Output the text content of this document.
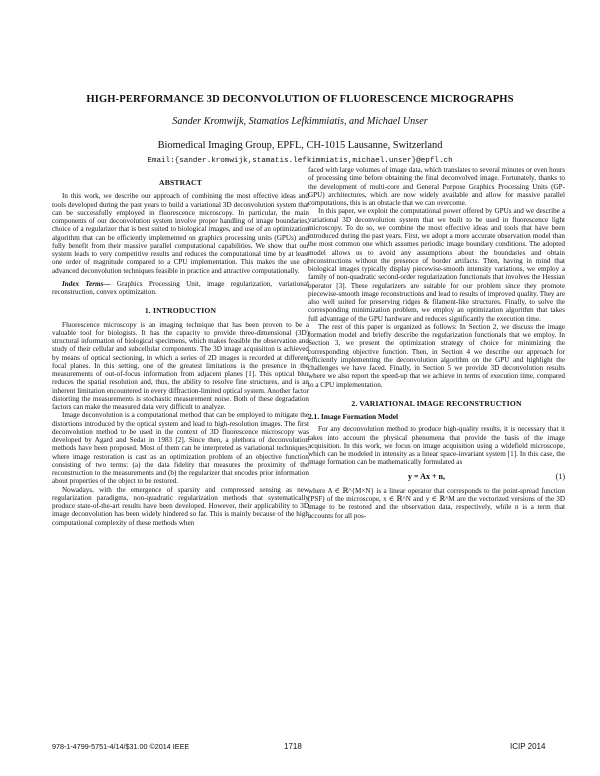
HIGH-PERFORMANCE 3D DECONVOLUTION OF FLUORESCENCE MICROGRAPHS
Sander Kromwijk, Stamatios Lefkimmiatis, and Michael Unser
Biomedical Imaging Group, EPFL, CH-1015 Lausanne, Switzerland
Email:{sander.kromwijk,stamatis.lefkimmiatis,michael.unser}@epfl.ch
ABSTRACT

In this work, we describe our approach of combining the most effective ideas and tools developed during the past years to build a variational 3D deconvolution system that can be successfully employed in fluorescence microscopy. In particular, the main components of our deconvolution system involve proper handling of image boundaries, choice of a regularizer that is best suited to biological images, and use of an optimization algorithm that can be efficiently implemented on graphics processing units (GPUs) and fully benefit from their massive parallel computational capabilities. We show that our system leads to very competitive results and reduces the computational time by at least one order of magnitude compared to a CPU implementation. This makes the use of advanced deconvolution techniques feasible in practice and attractive computationally.

Index Terms— Graphics Processing Unit, image regularization, variational reconstruction, convex optimization.

1. INTRODUCTION

Fluorescence microscopy is an imaging technique that has been proven to be a valuable tool for biologists. It has the capacity to provide three-dimensional (3D) structural information of biological specimens, which makes feasible the observation and study of their cellular and subcellular components. The 3D image acquisition is achieved by means of optical sectioning, in which a series of 2D images is recorded at different focal planes. In this setting, one of the greatest limitations is the presence in the measurements of out-of-focus information from adjacent planes [1]. This optical blur reduces the spatial resolution and, thus, the ability to resolve fine structures, and is an inherent limitation encountered in every diffraction-limited optical system. Another factor distorting the measurements is stochastic measurement noise. Both of these degradation factors can make the measured data very difficult to analyze.

Image deconvolution is a computational method that can be employed to mitigate the distortions introduced by the optical system and lead to high-resolution images. The first deconvolution method to be used in the context of 3D fluorescence microscopy was developed by Agard and Sedat in 1983 [2]. Since then, a plethora of deconvolution methods have been proposed. Most of them can be interpreted as variational techniques, where image restoration is cast as an optimization problem of an objective function consisting of two terms: (a) the data fidelity that measures the proximity of the reconstruction to the measurements and (b) the regularizer that encodes prior information about properties of the object to be restored.

Nowadays, with the emergence of sparsity and compressed sensing as new regularization paradigms, non-quadratic regularization methods that systematically produce state-of-the-art results have been developed. However, their applicability to 3D image deconvolution has been widely hindered so far. This is mainly because of the high computational complexity of these methods when

faced with large volumes of image data, which translates to several minutes or even hours of processing time before obtaining the final deconvolved image. Fortunately, thanks to the development of multi-core and General Purpose Graphics Processing Units (GP-GPU) architectures, which are now widely available and allow for massive parallel computations, this is an obstacle that we can overcome.

In this paper, we exploit the computational power offered by GPUs and we describe a variational 3D deconvolution system that we built to be used in fluorescence light microscopy. To do so, we combine the most effective ideas and tools that have been introduced during the past years. First, we adopt a more accurate observation model than the most common one which assumes periodic image boundary conditions. The adopted model allows us to avoid any assumptions about the boundaries and obtain reconstructions without the presence of border artifacts. Then, having in mind that biological images typically display piecewise-smooth intensity variations, we employ a family of non-quadratic second-order regularization functionals that involves the Hessian operator [3]. These regularizers are suitable for our problem since they promote piecewise-smooth image reconstructions and lead to results of improved quality. They are also well suited for preserving ridges & filament-like structures. Finally, to solve the corresponding minimization problem, we employ an optimization algorithm that takes full advantage of the GPU hardware and reduces significantly the execution time.

The rest of this paper is organized as follows: In Section 2, we discuss the image formation model and briefly describe the regularization functionals that we employ. In Section 3, we present the optimization strategy of choice for minimizing the corresponding objective function. Then, in Section 4 we describe our approach for efficiently implementing the deconvolution algorithm on the GPU and highlight the challenges we have faced. Finally, in Section 5 we provide 3D deconvolution results where we also report the speed-up that we achieve in terms of execution time, compared to a CPU implementation.

2. VARIATIONAL IMAGE RECONSTRUCTION
2.1. Image Formation Model

For any deconvolution method to produce high-quality results, it is necessary that it takes into account the physical phenomena that provide the basis of the image acquisition. In this work, we focus on image acquisition using a widefield microscope, which can be modeled in intensity as a linear space-invariant system [1]. In this case, the image formation can be mathematically formulated as

y = Ax + n,	(1)

where A ∈ ℝ^{M×N} is a linear operator that corresponds to the point-spread function (PSF) of the microscope, x ∈ ℝ^N and y ∈ ℝ^M are the vectorized versions of the 3D image to be restored and the observation data, respectively, while n is a term that accounts for all pos-

978-1-4799-5751-4/14/$31.00 ©2014 IEEE	1718	ICIP 2014
